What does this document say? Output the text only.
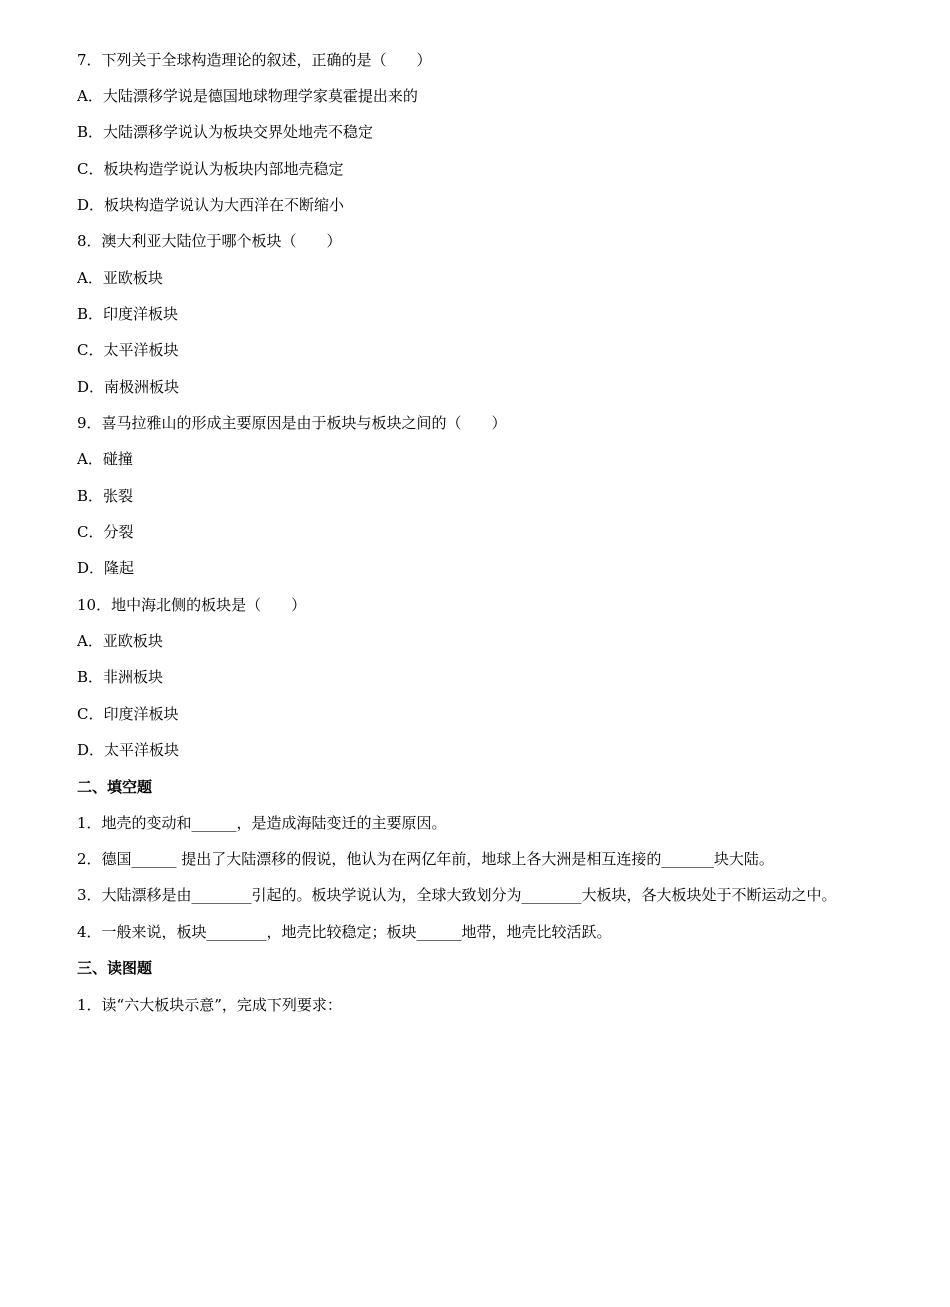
7．下列关于全球构造理论的叙述，正确的是（　　）
A．大陆漂移学说是德国地球物理学家莫霍提出来的
B．大陆漂移学说认为板块交界处地壳不稳定
C．板块构造学说认为板块内部地壳稳定
D．板块构造学说认为大西洋在不断缩小
8．澳大利亚大陆位于哪个板块（　　）
A．亚欧板块
B．印度洋板块
C．太平洋板块
D．南极洲板块
9．喜马拉雅山的形成主要原因是由于板块与板块之间的（　　）
A．碰撞
B．张裂
C．分裂
D．隆起
10．地中海北侧的板块是（　　）
A．亚欧板块
B．非洲板块
C．印度洋板块
D．太平洋板块
二、填空题
1．地壳的变动和______，是造成海陆变迁的主要原因。
2．德国______ 提出了大陆漂移的假说，他认为在两亿年前，地球上各大洲是相互连接的_______块大陆。
3．大陆漂移是由________引起的。板块学说认为，全球大致划分为________大板块，各大板块处于不断运动之中。
4．一般来说，板块________，地壳比较稳定；板块______地带，地壳比较活跃。
三、读图题
1．读“六大板块示意”，完成下列要求：
